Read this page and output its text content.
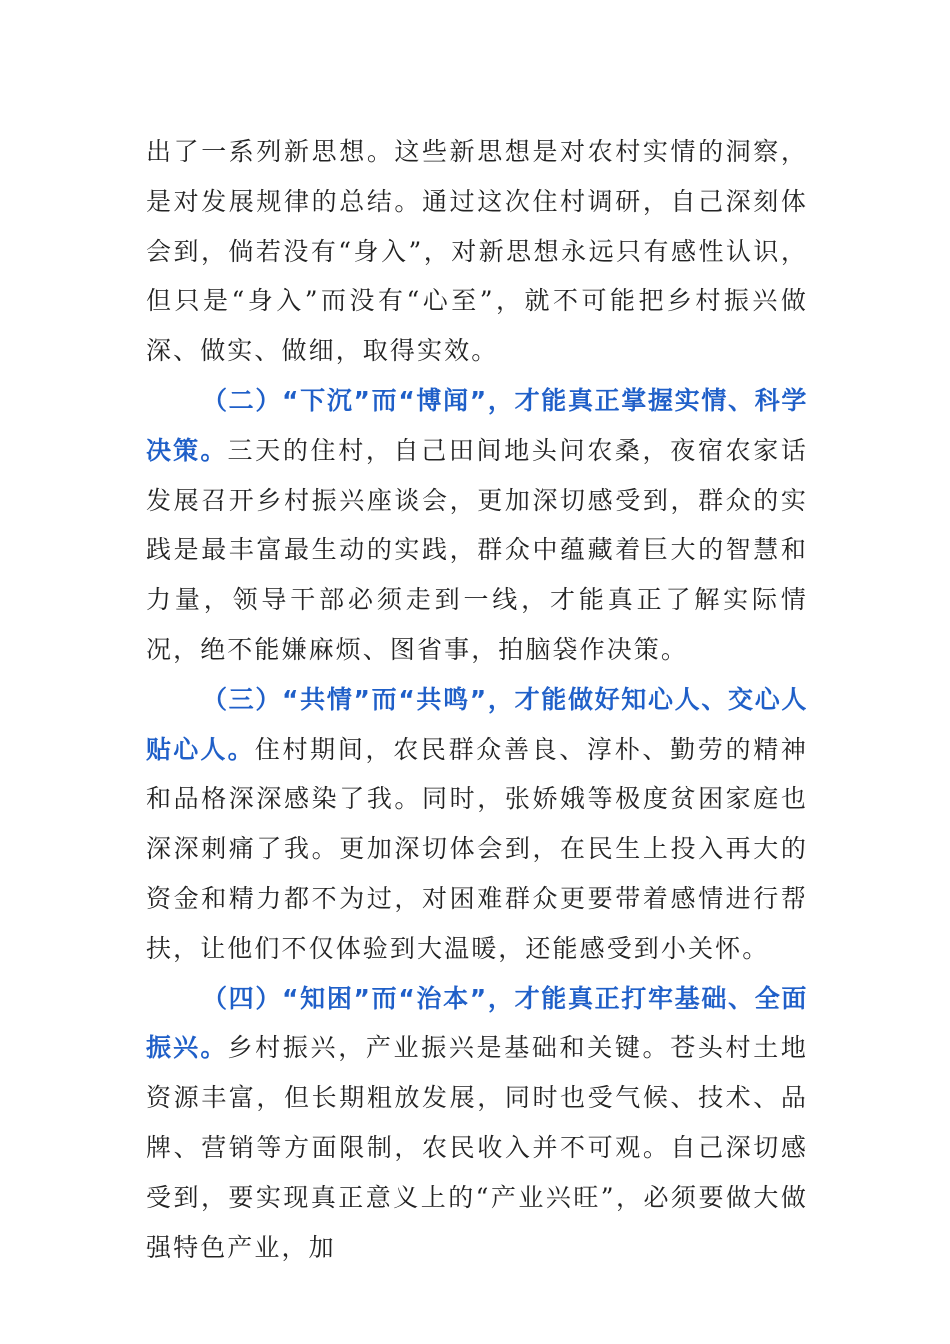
出了一系列新思想。这些新思想是对农村实情的洞察，是对发展规律的总结。通过这次住村调研，自己深刻体会到，倘若没有“身入”，对新思想永远只有感性认识，但只是“身入”而没有“心至”，就不可能把乡村振兴做深、做实、做细，取得实效。

（二）“下沉”而“博闻”，才能真正掌握实情、科学决策。三天的住村，自己田间地头问农桑，夜宿农家话发展召开乡村振兴座谈会，更加深切感受到，群众的实践是最丰富最生动的实践，群众中蕴藏着巨大的智慧和力量，领导干部必须走到一线，才能真正了解实际情况，绝不能嫌麻烦、图省事，拍脑袋作决策。

（三）“共情”而“共鸣”，才能做好知心人、交心人贴心人。住村期间，农民群众善良、淳朴、勤劳的精神和品格深深感染了我。同时，张娇娥等极度贫困家庭也深深刺痛了我。更加深切体会到，在民生上投入再大的资金和精力都不为过，对困难群众更要带着感情进行帮扶，让他们不仅体验到大温暖，还能感受到小关怀。

（四）“知困”而“治本”，才能真正打牢基础、全面振兴。乡村振兴，产业振兴是基础和关键。苍头村土地资源丰富，但长期粗放发展，同时也受气候、技术、品牌、营销等方面限制，农民收入并不可观。自己深切感受到，要实现真正意义上的“产业兴旺”，必须要做大做强特色产业，加
